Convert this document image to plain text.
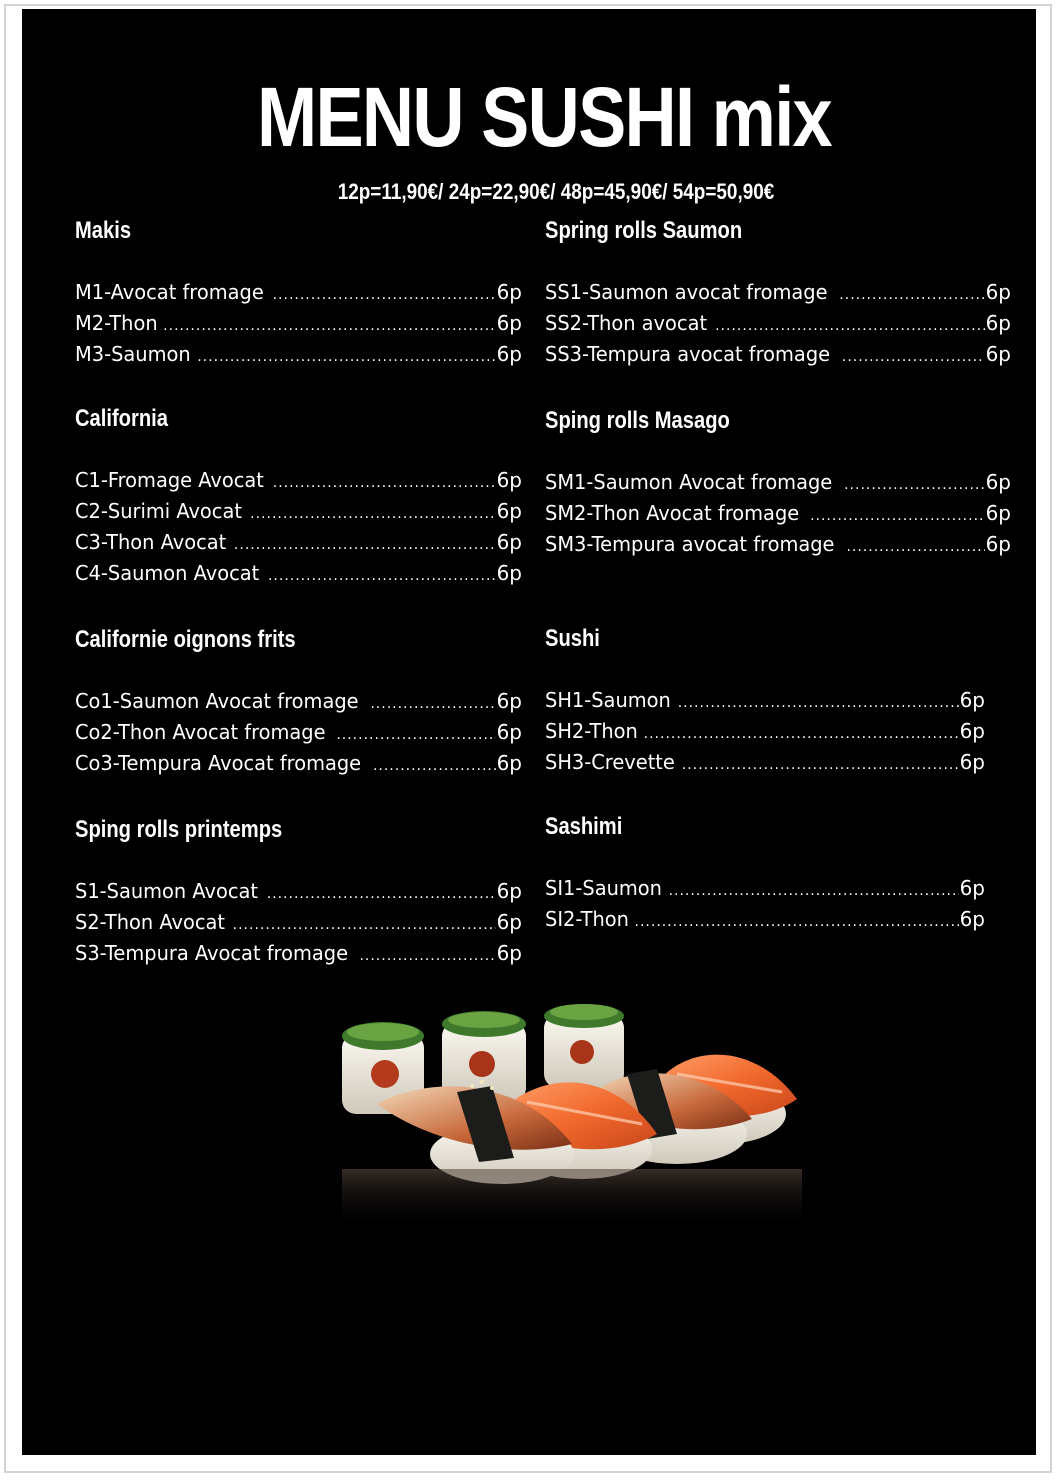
MENU SUSHI mix
12p=11,90€/ 24p=22,90€/ 48p=45,90€/ 54p=50,90€
Makis
M1-Avocat fromage .....	6p
M2-Thon .....	6p
M3-Saumon .....	6p
California
C1-Fromage Avocat .....	6p
C2-Surimi Avocat .....	6p
C3-Thon Avocat .....	6p
C4-Saumon Avocat .....	6p
Californie oignons frits
Co1-Saumon Avocat fromage .....	6p
Co2-Thon Avocat fromage .....	6p
Co3-Tempura Avocat fromage .....	6p
Sping rolls printemps
S1-Saumon Avocat .....	6p
S2-Thon Avocat .....	6p
S3-Tempura Avocat fromage .....	6p
Spring rolls Saumon
SS1-Saumon avocat fromage .....	6p
SS2-Thon avocat .....	6p
SS3-Tempura avocat fromage .....	6p
Sping rolls Masago
SM1-Saumon Avocat fromage .....	6p
SM2-Thon Avocat fromage .....	6p
SM3-Tempura avocat fromage .....	6p
Sushi
SH1-Saumon .....	6p
SH2-Thon .....	6p
SH3-Crevette .....	6p
Sashimi
SI1-Saumon .....	6p
SI2-Thon .....	6p
